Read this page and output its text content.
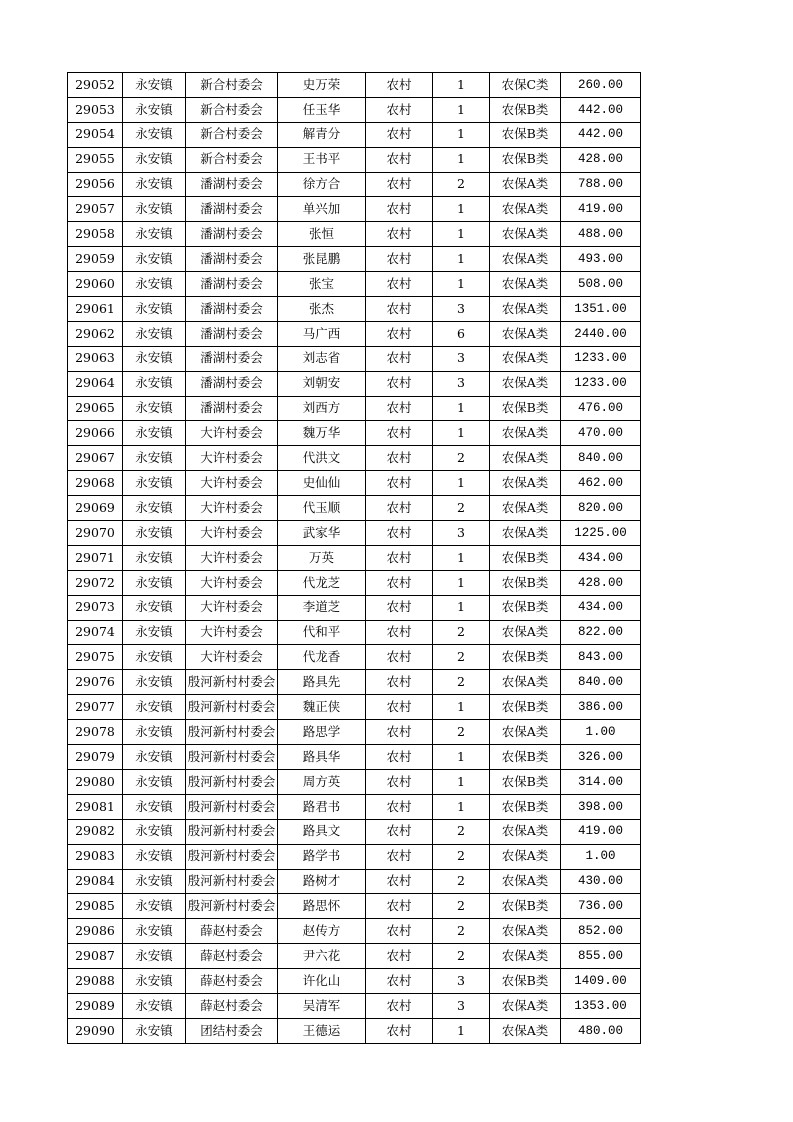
29052	永安镇	新合村委会	史万荣	农村	1	农保C类	260.00
29053	永安镇	新合村委会	任玉华	农村	1	农保B类	442.00
29054	永安镇	新合村委会	解青分	农村	1	农保B类	442.00
29055	永安镇	新合村委会	王书平	农村	1	农保B类	428.00
29056	永安镇	潘湖村委会	徐方合	农村	2	农保A类	788.00
29057	永安镇	潘湖村委会	单兴加	农村	1	农保A类	419.00
29058	永安镇	潘湖村委会	张恒	农村	1	农保A类	488.00
29059	永安镇	潘湖村委会	张昆鹏	农村	1	农保A类	493.00
29060	永安镇	潘湖村委会	张宝	农村	1	农保A类	508.00
29061	永安镇	潘湖村委会	张杰	农村	3	农保A类	1351.00
29062	永安镇	潘湖村委会	马广西	农村	6	农保A类	2440.00
29063	永安镇	潘湖村委会	刘志省	农村	3	农保A类	1233.00
29064	永安镇	潘湖村委会	刘朝安	农村	3	农保A类	1233.00
29065	永安镇	潘湖村委会	刘西方	农村	1	农保B类	476.00
29066	永安镇	大许村委会	魏万华	农村	1	农保A类	470.00
29067	永安镇	大许村委会	代洪文	农村	2	农保A类	840.00
29068	永安镇	大许村委会	史仙仙	农村	1	农保A类	462.00
29069	永安镇	大许村委会	代玉顺	农村	2	农保A类	820.00
29070	永安镇	大许村委会	武家华	农村	3	农保A类	1225.00
29071	永安镇	大许村委会	万英	农村	1	农保B类	434.00
29072	永安镇	大许村委会	代龙芝	农村	1	农保B类	428.00
29073	永安镇	大许村委会	李道芝	农村	1	农保B类	434.00
29074	永安镇	大许村委会	代和平	农村	2	农保A类	822.00
29075	永安镇	大许村委会	代龙香	农村	2	农保B类	843.00
29076	永安镇	殷河新村村委会	路具先	农村	2	农保A类	840.00
29077	永安镇	殷河新村村委会	魏正侠	农村	1	农保B类	386.00
29078	永安镇	殷河新村村委会	路思学	农村	2	农保A类	1.00
29079	永安镇	殷河新村村委会	路具华	农村	1	农保B类	326.00
29080	永安镇	殷河新村村委会	周方英	农村	1	农保B类	314.00
29081	永安镇	殷河新村村委会	路君书	农村	1	农保B类	398.00
29082	永安镇	殷河新村村委会	路具文	农村	2	农保A类	419.00
29083	永安镇	殷河新村村委会	路学书	农村	2	农保A类	1.00
29084	永安镇	殷河新村村委会	路树才	农村	2	农保A类	430.00
29085	永安镇	殷河新村村委会	路思怀	农村	2	农保B类	736.00
29086	永安镇	薛赵村委会	赵传方	农村	2	农保A类	852.00
29087	永安镇	薛赵村委会	尹六花	农村	2	农保A类	855.00
29088	永安镇	薛赵村委会	许化山	农村	3	农保B类	1409.00
29089	永安镇	薛赵村委会	吴清军	农村	3	农保A类	1353.00
29090	永安镇	团结村委会	王德运	农村	1	农保A类	480.00
